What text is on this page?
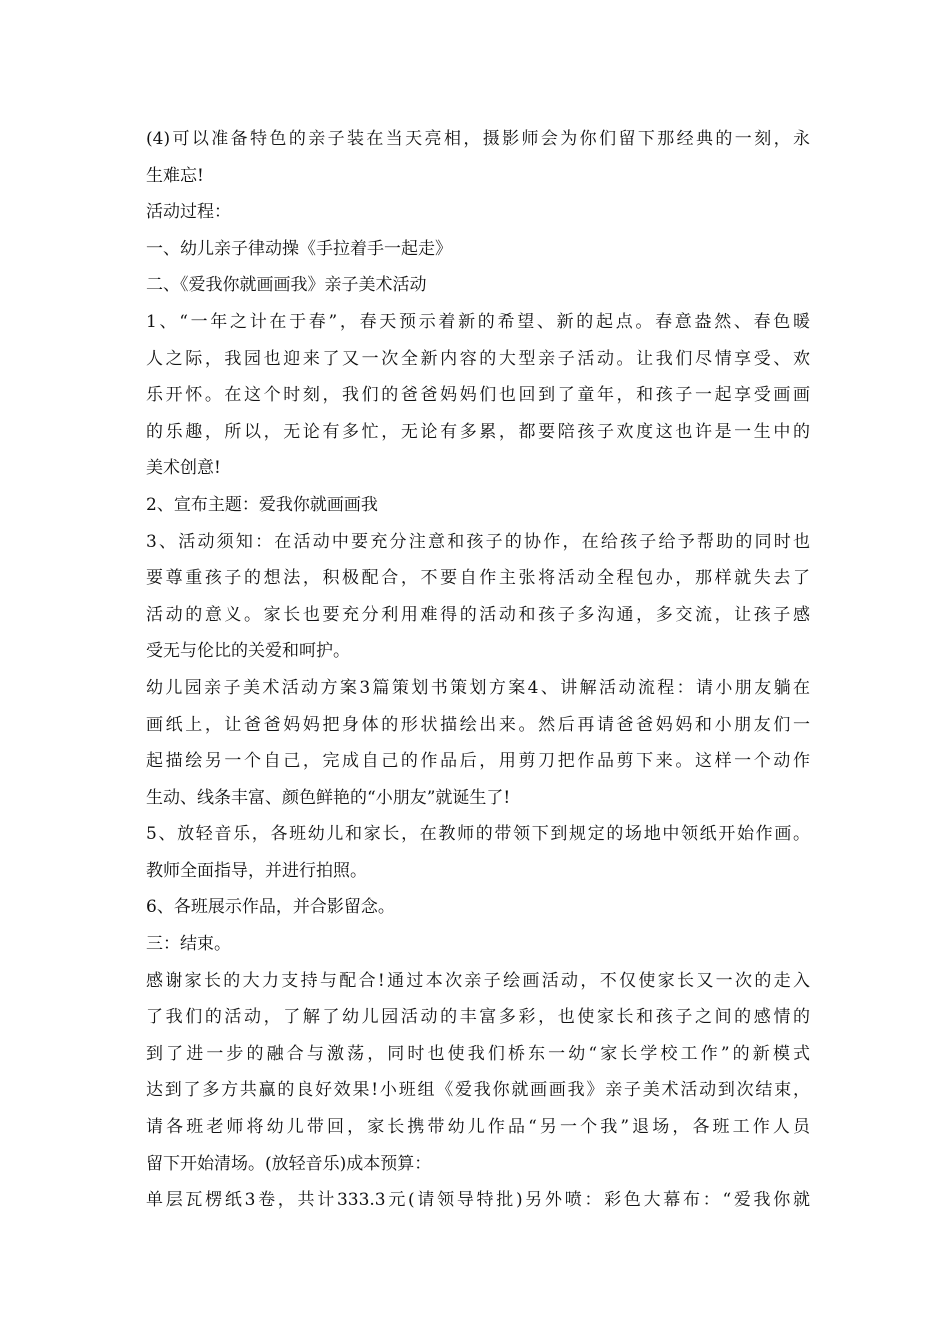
(4)可以准备特色的亲子装在当天亮相，摄影师会为你们留下那经典的一刻，永
生难忘!
活动过程：
一、幼儿亲子律动操《手拉着手一起走》
二、《爱我你就画画我》亲子美术活动
1、“一年之计在于春”，春天预示着新的希望、新的起点。春意盎然、春色暖
人之际，我园也迎来了又一次全新内容的大型亲子活动。让我们尽情享受、欢
乐开怀。在这个时刻，我们的爸爸妈妈们也回到了童年，和孩子一起享受画画
的乐趣，所以，无论有多忙，无论有多累，都要陪孩子欢度这也许是一生中的
美术创意!
2、宣布主题：爱我你就画画我
3、活动须知：在活动中要充分注意和孩子的协作，在给孩子给予帮助的同时也
要尊重孩子的想法，积极配合，不要自作主张将活动全程包办，那样就失去了
活动的意义。家长也要充分利用难得的活动和孩子多沟通，多交流，让孩子感
受无与伦比的关爱和呵护。
幼儿园亲子美术活动方案3篇策划书策划方案4、讲解活动流程：请小朋友躺在
画纸上，让爸爸妈妈把身体的形状描绘出来。然后再请爸爸妈妈和小朋友们一
起描绘另一个自己，完成自己的作品后，用剪刀把作品剪下来。这样一个动作
生动、线条丰富、颜色鲜艳的“小朋友”就诞生了!
5、放轻音乐，各班幼儿和家长，在教师的带领下到规定的场地中领纸开始作画。
教师全面指导，并进行拍照。
6、各班展示作品，并合影留念。
三：结束。
感谢家长的大力支持与配合!通过本次亲子绘画活动，不仅使家长又一次的走入
了我们的活动，了解了幼儿园活动的丰富多彩，也使家长和孩子之间的感情的
到了进一步的融合与激荡，同时也使我们桥东一幼“家长学校工作”的新模式
达到了多方共赢的良好效果!小班组《爱我你就画画我》亲子美术活动到次结束，
请各班老师将幼儿带回，家长携带幼儿作品“另一个我”退场，各班工作人员
留下开始清场。(放轻音乐)成本预算：
单层瓦楞纸3卷，共计333.3元(请领导特批)另外喷：彩色大幕布：“爱我你就
